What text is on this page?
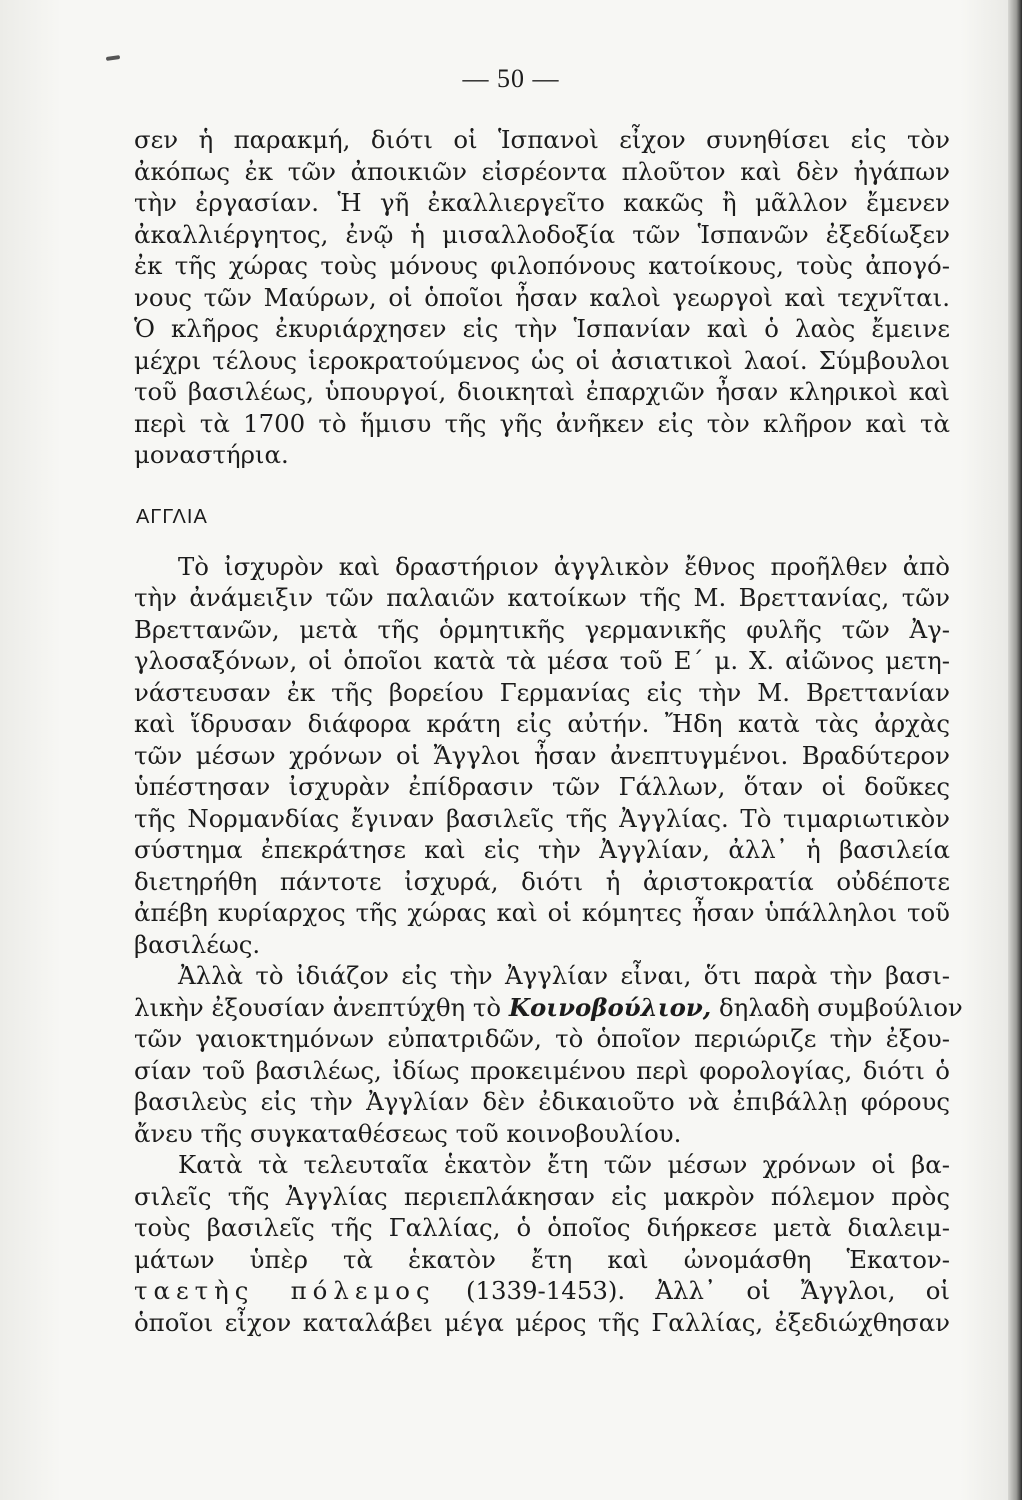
— 50 —
σεν ἡ παρακμή, διότι οἱ Ἱσπανοὶ εἶχον συνηθίσει εἰς τὸν
ἀκόπως ἐκ τῶν ἀποικιῶν εἰσρέοντα πλοῦτον καὶ δὲν ἠγάπων
τὴν ἐργασίαν. Ἡ γῆ ἐκαλλιεργεῖτο κακῶς ἢ μᾶλλον ἔμενεν
ἀκαλλιέργητος, ἐνῷ ἡ μισαλλοδοξία τῶν Ἱσπανῶν ἐξεδίωξεν
ἐκ τῆς χώρας τοὺς μόνους φιλοπόνους κατοίκους, τοὺς ἀπογό-
νους τῶν Μαύρων, οἱ ὁποῖοι ἦσαν καλοὶ γεωργοὶ καὶ τεχνῖται.
Ὁ κλῆρος ἐκυριάρχησεν εἰς τὴν Ἱσπανίαν καὶ ὁ λαὸς ἔμεινε
μέχρι τέλους ἱεροκρατούμενος ὡς οἱ ἀσιατικοὶ λαοί. Σύμβουλοι
τοῦ βασιλέως, ὑπουργοί, διοικηταὶ ἐπαρχιῶν ἦσαν κληρικοὶ καὶ
περὶ τὰ 1700 τὸ ἥμισυ τῆς γῆς ἀνῆκεν εἰς τὸν κλῆρον καὶ τὰ
μοναστήρια.
ΑΓΓΛΙΑ
Τὸ ἰσχυρὸν καὶ δραστήριον ἀγγλικὸν ἔθνος προῆλθεν ἀπὸ
τὴν ἀνάμειξιν τῶν παλαιῶν κατοίκων τῆς Μ. Βρεττανίας, τῶν
Βρεττανῶν, μετὰ τῆς ὁρμητικῆς γερμανικῆς φυλῆς τῶν Ἀγ-
γλοσαξόνων, οἱ ὁποῖοι κατὰ τὰ μέσα τοῦ Ε΄ μ. Χ. αἰῶνος μετη-
νάστευσαν ἐκ τῆς βορείου Γερμανίας εἰς τὴν Μ. Βρεττανίαν
καὶ ἵδρυσαν διάφορα κράτη εἰς αὐτήν. Ἤδη κατὰ τὰς ἀρχὰς
τῶν μέσων χρόνων οἱ Ἄγγλοι ἦσαν ἀνεπτυγμένοι. Βραδύτερον
ὑπέστησαν ἰσχυρὰν ἐπίδρασιν τῶν Γάλλων, ὅταν οἱ δοῦκες
τῆς Νορμανδίας ἔγιναν βασιλεῖς τῆς Ἀγγλίας. Τὸ τιμαριωτικὸν
σύστημα ἐπεκράτησε καὶ εἰς τὴν Ἀγγλίαν, ἀλλ᾽ ἡ βασιλεία
διετηρήθη πάντοτε ἰσχυρά, διότι ἡ ἀριστοκρατία οὐδέποτε
ἀπέβη κυρίαρχος τῆς χώρας καὶ οἱ κόμητες ἦσαν ὑπάλληλοι τοῦ
βασιλέως.
Ἀλλὰ τὸ ἰδιάζον εἰς τὴν Ἀγγλίαν εἶναι, ὅτι παρὰ τὴν βασι-
λικὴν ἐξουσίαν ἀνεπτύχθη τὸ Κοινοβούλιον, δηλαδὴ συμβούλιον
τῶν γαιοκτημόνων εὐπατριδῶν, τὸ ὁποῖον περιώριζε τὴν ἐξου-
σίαν τοῦ βασιλέως, ἰδίως προκειμένου περὶ φορολογίας, διότι ὁ
βασιλεὺς εἰς τὴν Ἀγγλίαν δὲν ἐδικαιοῦτο νὰ ἐπιβάλλῃ φόρους
ἄνευ τῆς συγκαταθέσεως τοῦ κοινοβουλίου.
Κατὰ τὰ τελευταῖα ἑκατὸν ἔτη τῶν μέσων χρόνων οἱ βα-
σιλεῖς τῆς Ἀγγλίας περιεπλάκησαν εἰς μακρὸν πόλεμον πρὸς
τοὺς βασιλεῖς τῆς Γαλλίας, ὁ ὁποῖος διήρκεσε μετὰ διαλειμ-
μάτων ὑπὲρ τὰ ἑκατὸν ἔτη καὶ ὠνομάσθη Ἑκατον-
ταετὴς πόλεμος (1339-1453). Ἀλλ᾽ οἱ Ἄγγλοι, οἱ
ὁποῖοι εἶχον καταλάβει μέγα μέρος τῆς Γαλλίας, ἐξεδιώχθησαν
